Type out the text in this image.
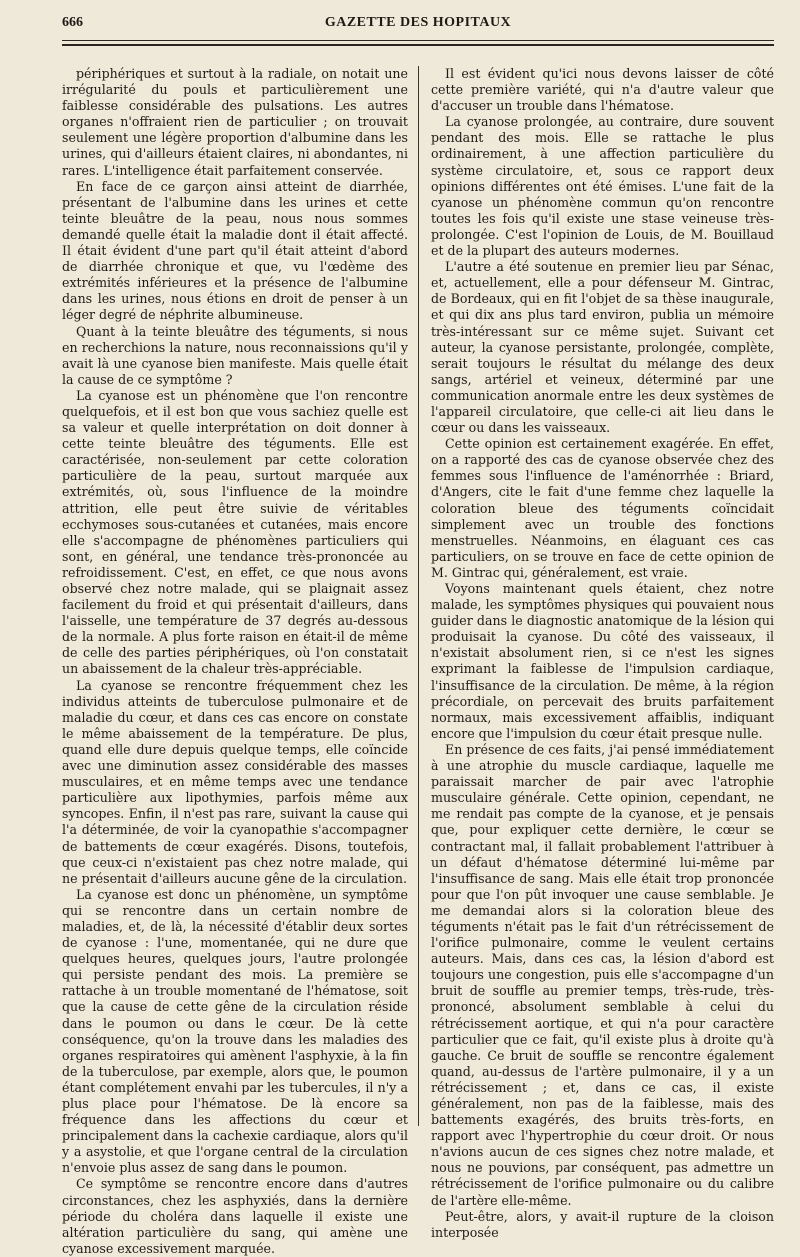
666	GAZETTE DES HOPITAUX

périphériques et surtout à la radiale, on notait une irrégularité du pouls et particulièrement une faiblesse considérable des pulsations. Les autres organes n'offraient rien de particulier ; on trouvait seulement une légère proportion d'albumine dans les urines, qui d'ailleurs étaient claires, ni abondantes, ni rares. L'intelligence était parfaitement conservée.

En face de ce garçon ainsi atteint de diarrhée, présentant de l'albumine dans les urines et cette teinte bleuâtre de la peau, nous nous sommes demandé quelle était la maladie dont il était affecté. Il était évident d'une part qu'il était atteint d'abord de diarrhée chronique et que, vu l'œdème des extrémités inférieures et la présence de l'albumine dans les urines, nous étions en droit de penser à un léger degré de néphrite albumineuse.

Quant à la teinte bleuâtre des téguments, si nous en recherchions la nature, nous reconnaissions qu'il y avait là une cyanose bien manifeste. Mais quelle était la cause de ce symptôme ?

La cyanose est un phénomène que l'on rencontre quelquefois, et il est bon que vous sachiez quelle est sa valeur et quelle interprétation on doit donner à cette teinte bleuâtre des téguments. Elle est caractérisée, non-seulement par cette coloration particulière de la peau, surtout marquée aux extrémités, où, sous l'influence de la moindre attrition, elle peut être suivie de véritables ecchymoses sous-cutanées et cutanées, mais encore elle s'accompagne de phénomènes particuliers qui sont, en général, une tendance très-prononcée au refroidissement. C'est, en effet, ce que nous avons observé chez notre malade, qui se plaignait assez facilement du froid et qui présentait d'ailleurs, dans l'aisselle, une température de 37 degrés au-dessous de la normale. A plus forte raison en était-il de même de celle des parties périphériques, où l'on constatait un abaissement de la chaleur très-appréciable.

La cyanose se rencontre fréquemment chez les individus atteints de tuberculose pulmonaire et de maladie du cœur, et dans ces cas encore on constate le même abaissement de la température. De plus, quand elle dure depuis quelque temps, elle coïncide avec une diminution assez considérable des masses musculaires, et en même temps avec une tendance particulière aux lipothymies, parfois même aux syncopes. Enfin, il n'est pas rare, suivant la cause qui l'a déterminée, de voir la cyanopathie s'accompagner de battements de cœur exagérés. Disons, toutefois, que ceux-ci n'existaient pas chez notre malade, qui ne présentait d'ailleurs aucune gêne de la circulation.

La cyanose est donc un phénomène, un symptôme qui se rencontre dans un certain nombre de maladies, et, de là, la nécessité d'établir deux sortes de cyanose : l'une, momentanée, qui ne dure que quelques heures, quelques jours, l'autre prolongée qui persiste pendant des mois. La première se rattache à un trouble momentané de l'hématose, soit que la cause de cette gêne de la circulation réside dans le poumon ou dans le cœur. De là cette conséquence, qu'on la trouve dans les maladies des organes respiratoires qui amènent l'asphyxie, à la fin de la tuberculose, par exemple, alors que, le poumon étant complétement envahi par les tubercules, il n'y a plus place pour l'hématose. De là encore sa fréquence dans les affections du cœur et principalement dans la cachexie cardiaque, alors qu'il y a asystolie, et que l'organe central de la circulation n'envoie plus assez de sang dans le poumon.

Ce symptôme se rencontre encore dans d'autres circonstances, chez les asphyxiés, dans la dernière période du choléra dans laquelle il existe une altération particulière du sang, qui amène une cyanose excessivement marquée.

Il est évident qu'ici nous devons laisser de côté cette première variété, qui n'a d'autre valeur que d'accuser un trouble dans l'hématose.

La cyanose prolongée, au contraire, dure souvent pendant des mois. Elle se rattache le plus ordinairement, à une affection particulière du système circulatoire, et, sous ce rapport deux opinions différentes ont été émises. L'une fait de la cyanose un phénomène commun qu'on rencontre toutes les fois qu'il existe une stase veineuse très-prolongée. C'est l'opinion de Louis, de M. Bouillaud et de la plupart des auteurs modernes.

L'autre a été soutenue en premier lieu par Sénac, et, actuellement, elle a pour défenseur M. Gintrac, de Bordeaux, qui en fit l'objet de sa thèse inaugurale, et qui dix ans plus tard environ, publia un mémoire très-intéressant sur ce même sujet. Suivant cet auteur, la cyanose persistante, prolongée, complète, serait toujours le résultat du mélange des deux sangs, artériel et veineux, déterminé par une communication anormale entre les deux systèmes de l'appareil circulatoire, que celle-ci ait lieu dans le cœur ou dans les vaisseaux.

Cette opinion est certainement exagérée. En effet, on a rapporté des cas de cyanose observée chez des femmes sous l'influence de l'aménorrhée : Briard, d'Angers, cite le fait d'une femme chez laquelle la coloration bleue des téguments coïncidait simplement avec un trouble des fonctions menstruelles. Néanmoins, en élaguant ces cas particuliers, on se trouve en face de cette opinion de M. Gintrac qui, généralement, est vraie.

Voyons maintenant quels étaient, chez notre malade, les symptômes physiques qui pouvaient nous guider dans le diagnostic anatomique de la lésion qui produisait la cyanose. Du côté des vaisseaux, il n'existait absolument rien, si ce n'est les signes exprimant la faiblesse de l'impulsion cardiaque, l'insuffisance de la circulation. De même, à la région précordiale, on percevait des bruits parfaitement normaux, mais excessivement affaiblis, indiquant encore que l'impulsion du cœur était presque nulle.

En présence de ces faits, j'ai pensé immédiatement à une atrophie du muscle cardiaque, laquelle me paraissait marcher de pair avec l'atrophie musculaire générale. Cette opinion, cependant, ne me rendait pas compte de la cyanose, et je pensais que, pour expliquer cette dernière, le cœur se contractant mal, il fallait probablement l'attribuer à un défaut d'hématose déterminé lui-même par l'insuffisance de sang. Mais elle était trop prononcée pour que l'on pût invoquer une cause semblable. Je me demandai alors si la coloration bleue des téguments n'était pas le fait d'un rétrécissement de l'orifice pulmonaire, comme le veulent certains auteurs. Mais, dans ces cas, la lésion d'abord est toujours une congestion, puis elle s'accompagne d'un bruit de souffle au premier temps, très-rude, très-prononcé, absolument semblable à celui du rétrécissement aortique, et qui n'a pour caractère particulier que ce fait, qu'il existe plus à droite qu'à gauche. Ce bruit de souffle se rencontre également quand, au-dessus de l'artère pulmonaire, il y a un rétrécissement ; et, dans ce cas, il existe généralement, non pas de la faiblesse, mais des battements exagérés, des bruits très-forts, en rapport avec l'hypertrophie du cœur droit. Or nous n'avions aucun de ces signes chez notre malade, et nous ne pouvions, par conséquent, pas admettre un rétrécissement de l'orifice pulmonaire ou du calibre de l'artère elle-même.

Peut-être, alors, y avait-il rupture de la cloison interposée
